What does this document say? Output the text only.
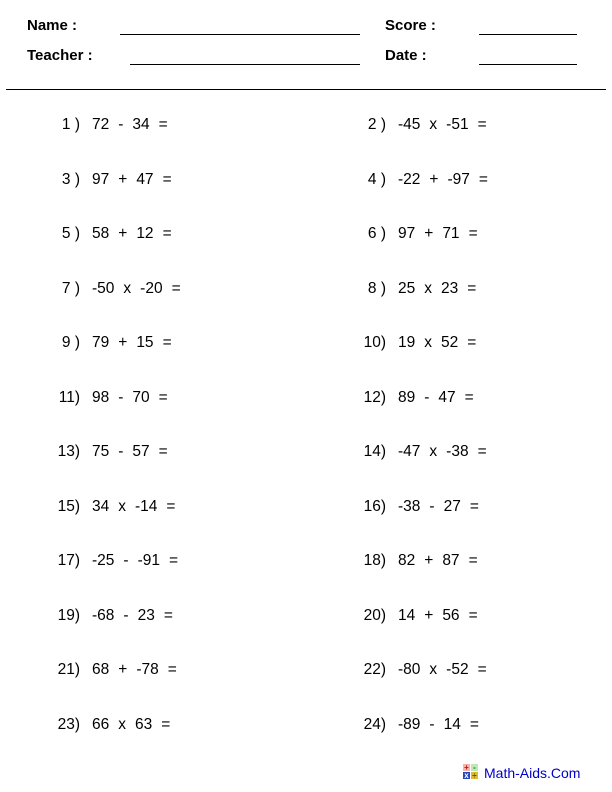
Name :	Score :
Teacher :	Date :
1 ) 72 - 34 =	2 ) -45 x -51 =
3 ) 97 + 47 =	4 ) -22 + -97 =
5 ) 58 + 12 =	6 ) 97 + 71 =
7 ) -50 x -20 =	8 ) 25 x 23 =
9 ) 79 + 15 =	10) 19 x 52 =
11) 98 - 70 =	12) 89 - 47 =
13) 75 - 57 =	14) -47 x -38 =
15) 34 x -14 =	16) -38 - 27 =
17) -25 - -91 =	18) 82 + 87 =
19) -68 - 23 =	20) 14 + 56 =
21) 68 + -78 =	22) -80 x -52 =
23) 66 x 63 =	24) -89 - 14 =
+ -
x ÷ Math-Aids.Com
